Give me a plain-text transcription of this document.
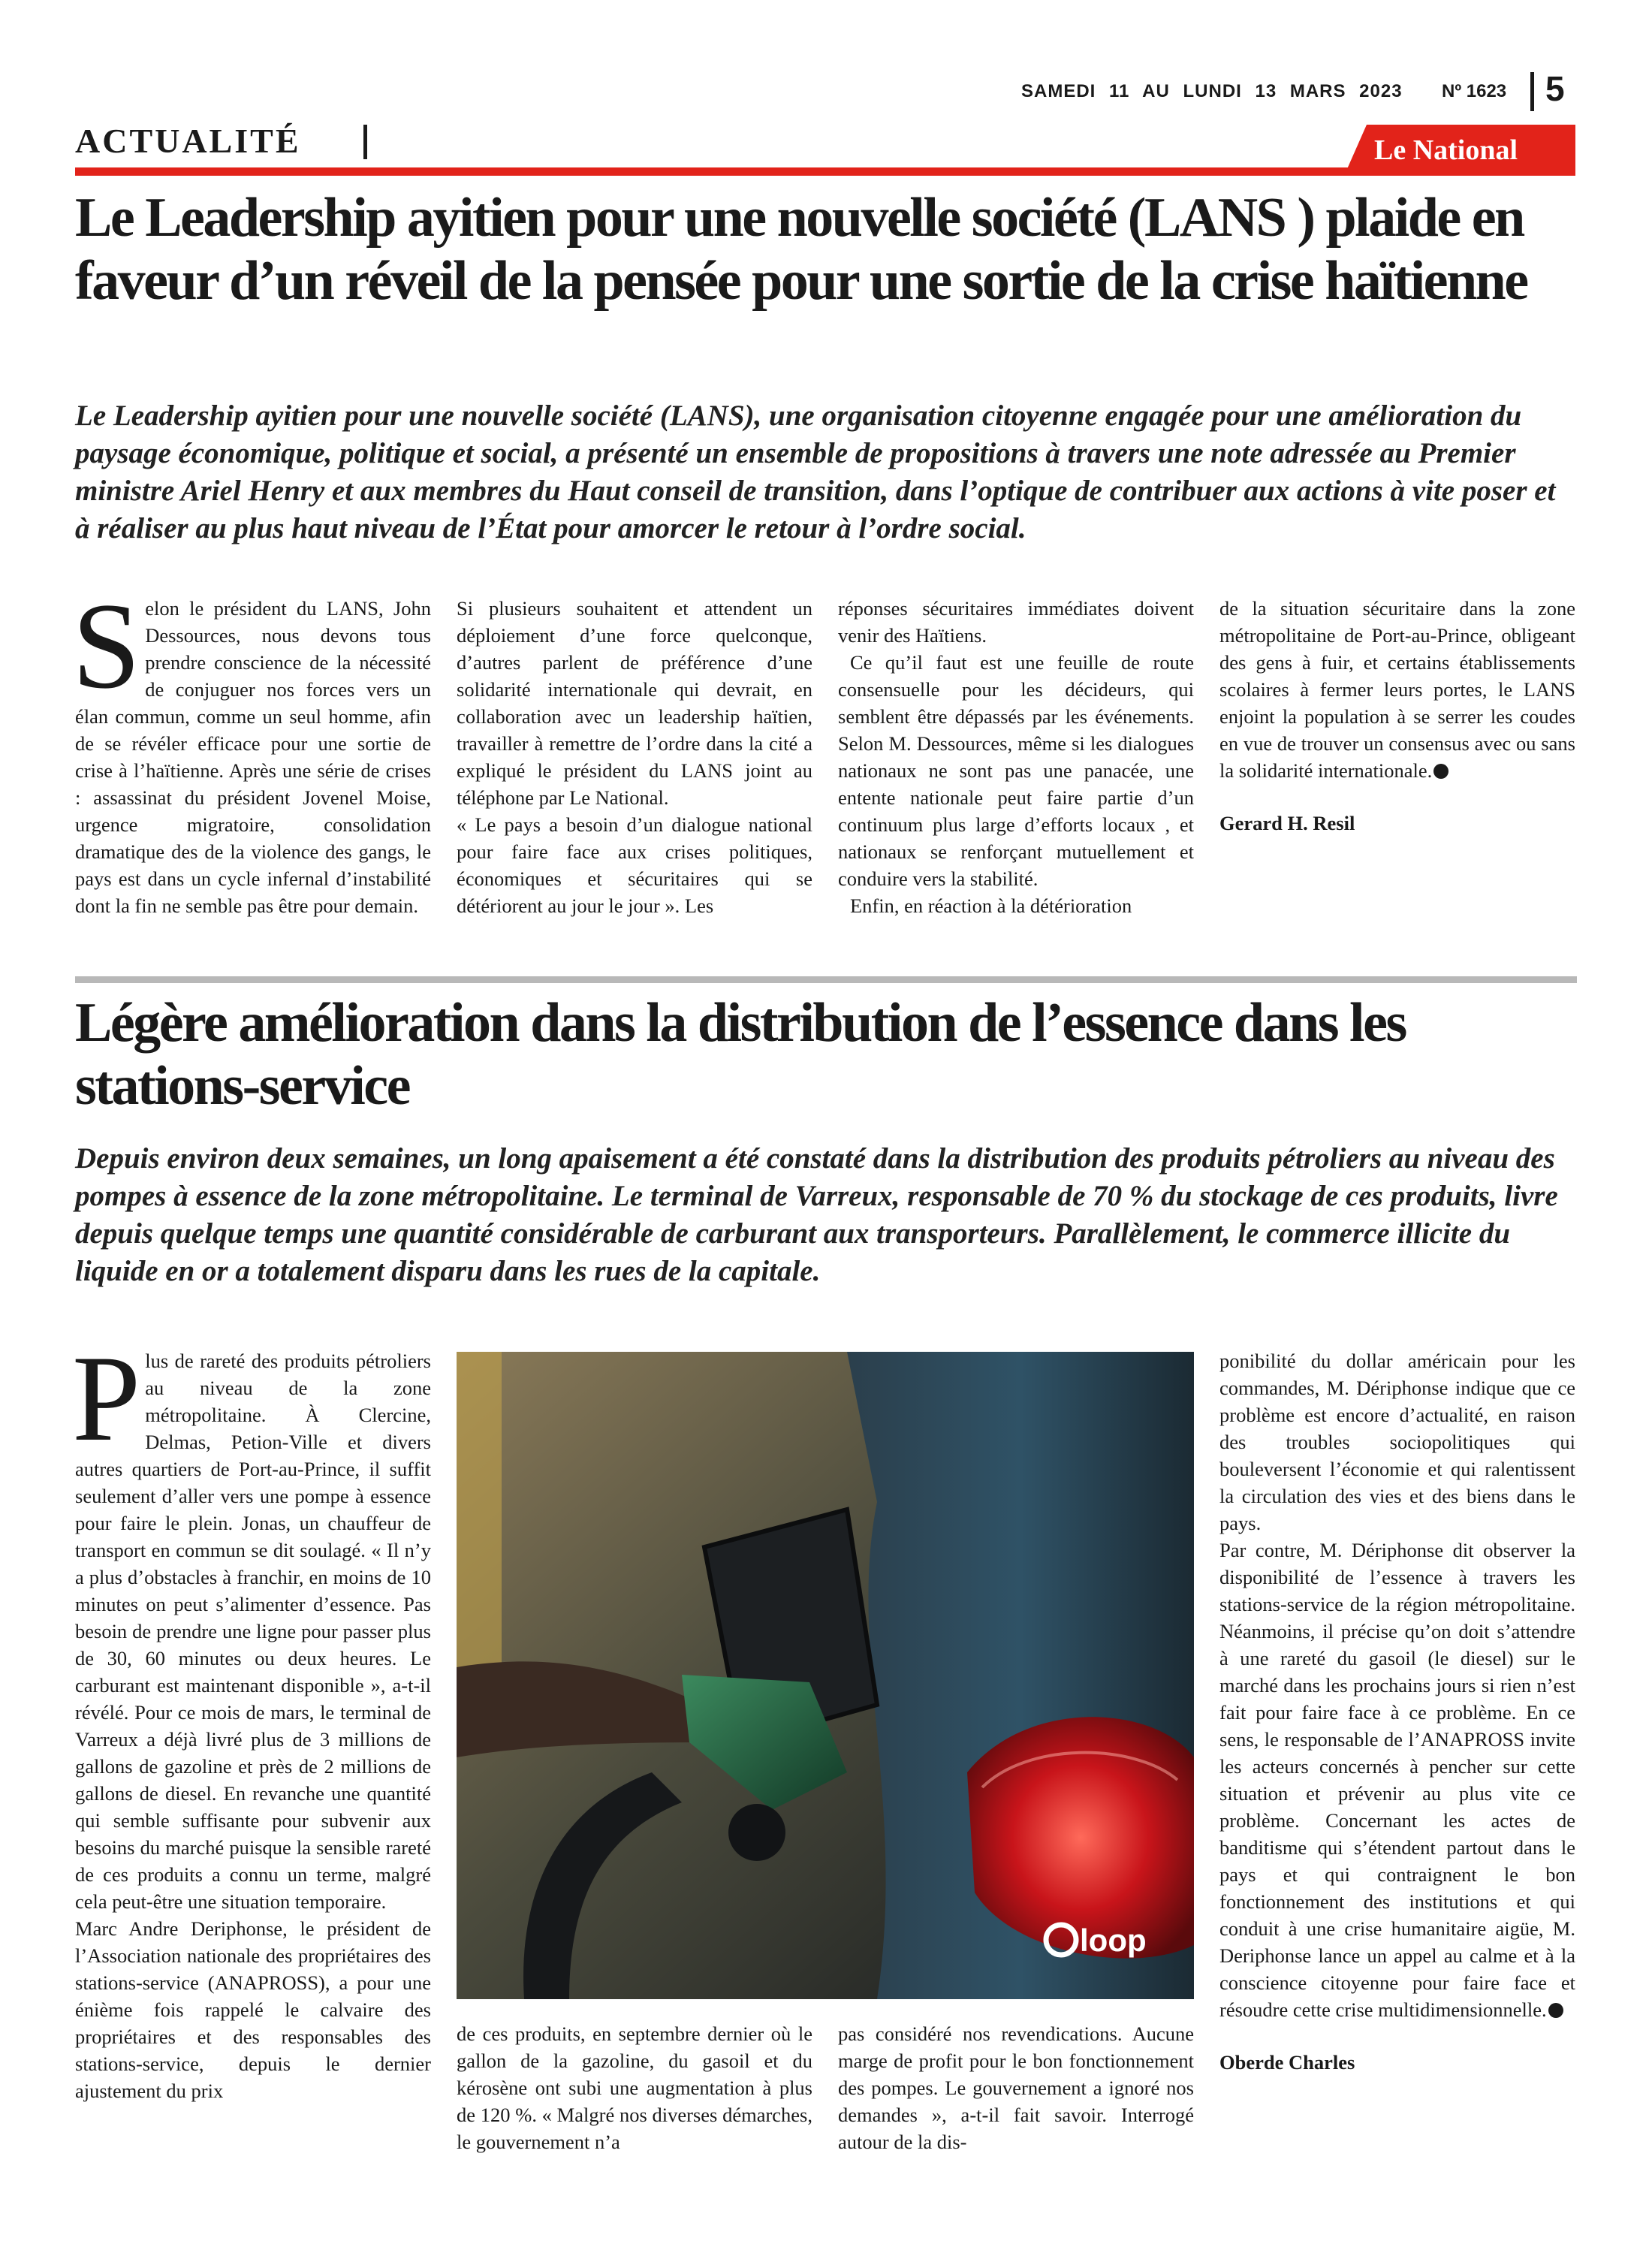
SAMEDI 11 AU LUNDI 13 MARS 2023 Nº 1623 5
ACTUALITÉ	Le National
Le Leadership ayitien pour une nouvelle société (LANS ) plaide en faveur d’un réveil de la pensée pour une sortie de la crise haïtienne

Le Leadership ayitien pour une nouvelle société (LANS), une organisation citoyenne engagée pour une amélioration du paysage économique, politique et social, a présenté un ensemble de propositions à travers une note adressée au Premier ministre Ariel Henry et aux membres du Haut conseil de transition, dans l’optique de contribuer aux actions à vite poser et à réaliser au plus haut niveau de l’État pour amorcer le retour à l’ordre social.

Selon le président du LANS, John Dessources, nous devons tous prendre conscience de la nécessité de conjuguer nos forces vers un élan commun, comme un seul homme, afin de se révéler efficace pour une sortie de crise à l’haïtienne. Après une série de crises : assassinat du président Jovenel Moise, urgence migratoire, consolidation dramatique des de la violence des gangs, le pays est dans un cycle infernal d’instabilité dont la fin ne semble pas être pour demain.

Si plusieurs souhaitent et attendent un déploiement d’une force quelconque, d’autres parlent de préférence d’une solidarité internationale qui devrait, en collaboration avec un leadership haïtien, travailler à remettre de l’ordre dans la cité a expliqué le président du LANS joint au téléphone par Le National.

« Le pays a besoin d’un dialogue national pour faire face aux crises politiques, économiques et sécuritaires qui se détériorent au jour le jour ». Les

réponses sécuritaires immédiates doivent venir des Haïtiens.

Ce qu’il faut est une feuille de route consensuelle pour les décideurs, qui semblent être dépassés par les événements. Selon M. Dessources, même si les dialogues nationaux ne sont pas une panacée, une entente nationale peut faire partie d’un continuum plus large d’efforts locaux , et nationaux se renforçant mutuellement et conduire vers la stabilité.

Enfin, en réaction à la détérioration

de la situation sécuritaire dans la zone métropolitaine de Port-au-Prince, obligeant des gens à fuir, et certains établissements scolaires à fermer leurs portes, le LANS enjoint la population à se serrer les coudes en vue de trouver un consensus avec ou sans la solidarité internationale.

Gerard H. Resil

Légère amélioration dans la distribution de l’essence dans les stations-service

Depuis environ deux semaines, un long apaisement a été constaté dans la distribution des produits pétroliers au niveau des pompes à essence de la zone métropolitaine. Le terminal de Varreux, responsable de 70 % du stockage de ces produits, livre depuis quelque temps une quantité considérable de carburant aux transporteurs. Parallèlement, le commerce illicite du liquide en or a totalement disparu dans les rues de la capitale.

Plus de rareté des produits pétroliers au niveau de la zone métropolitaine. À Clercine, Delmas, Petion-Ville et divers autres quartiers de Port-au-Prince, il suffit seulement d’aller vers une pompe à essence pour faire le plein. Jonas, un chauffeur de transport en commun se dit soulagé. « Il n’y a plus d’obstacles à franchir, en moins de 10 minutes on peut s’alimenter d’essence. Pas besoin de prendre une ligne pour passer plus de 30, 60 minutes ou deux heures. Le carburant est maintenant disponible », a-t-il révélé. Pour ce mois de mars, le terminal de Varreux a déjà livré plus de 3 millions de gallons de gazoline et près de 2 millions de gallons de diesel. En revanche une quantité qui semble suffisante pour subvenir aux besoins du marché puisque la sensible rareté de ces produits a connu un terme, malgré cela peut-être une situation temporaire.

Marc Andre Deriphonse, le président de l’Association nationale des propriétaires des stations-service (ANAPROSS), a pour une énième fois rappelé le calvaire des propriétaires et des responsables des stations-service, depuis le dernier ajustement du prix

loop

de ces produits, en septembre dernier où le gallon de la gazoline, du gasoil et du kérosène ont subi une augmentation à plus de 120 %. « Malgré nos diverses démarches, le gouvernement n’a

pas considéré nos revendications. Aucune marge de profit pour le bon fonctionnement des pompes. Le gouvernement a ignoré nos demandes », a-t-il fait savoir. Interrogé autour de la dis-

ponibilité du dollar américain pour les commandes, M. Dériphonse indique que ce problème est encore d’actualité, en raison des troubles sociopolitiques qui bouleversent l’économie et qui ralentissent la circulation des vies et des biens dans le pays.

Par contre, M. Dériphonse dit observer la disponibilité de l’essence à travers les stations-service de la région métropolitaine. Néanmoins, il précise qu’on doit s’attendre à une rareté du gasoil (le diesel) sur le marché dans les prochains jours si rien n’est fait pour faire face à ce problème. En ce sens, le responsable de l’ANAPROSS invite les acteurs concernés à pencher sur cette situation et prévenir au plus vite ce problème. Concernant les actes de banditisme qui s’étendent partout dans le pays et qui contraignent le bon fonctionnement des institutions et qui conduit à une crise humanitaire aigüe, M. Deriphonse lance un appel au calme et à la conscience citoyenne pour faire face et résoudre cette crise multidimensionnelle.

Oberde Charles
